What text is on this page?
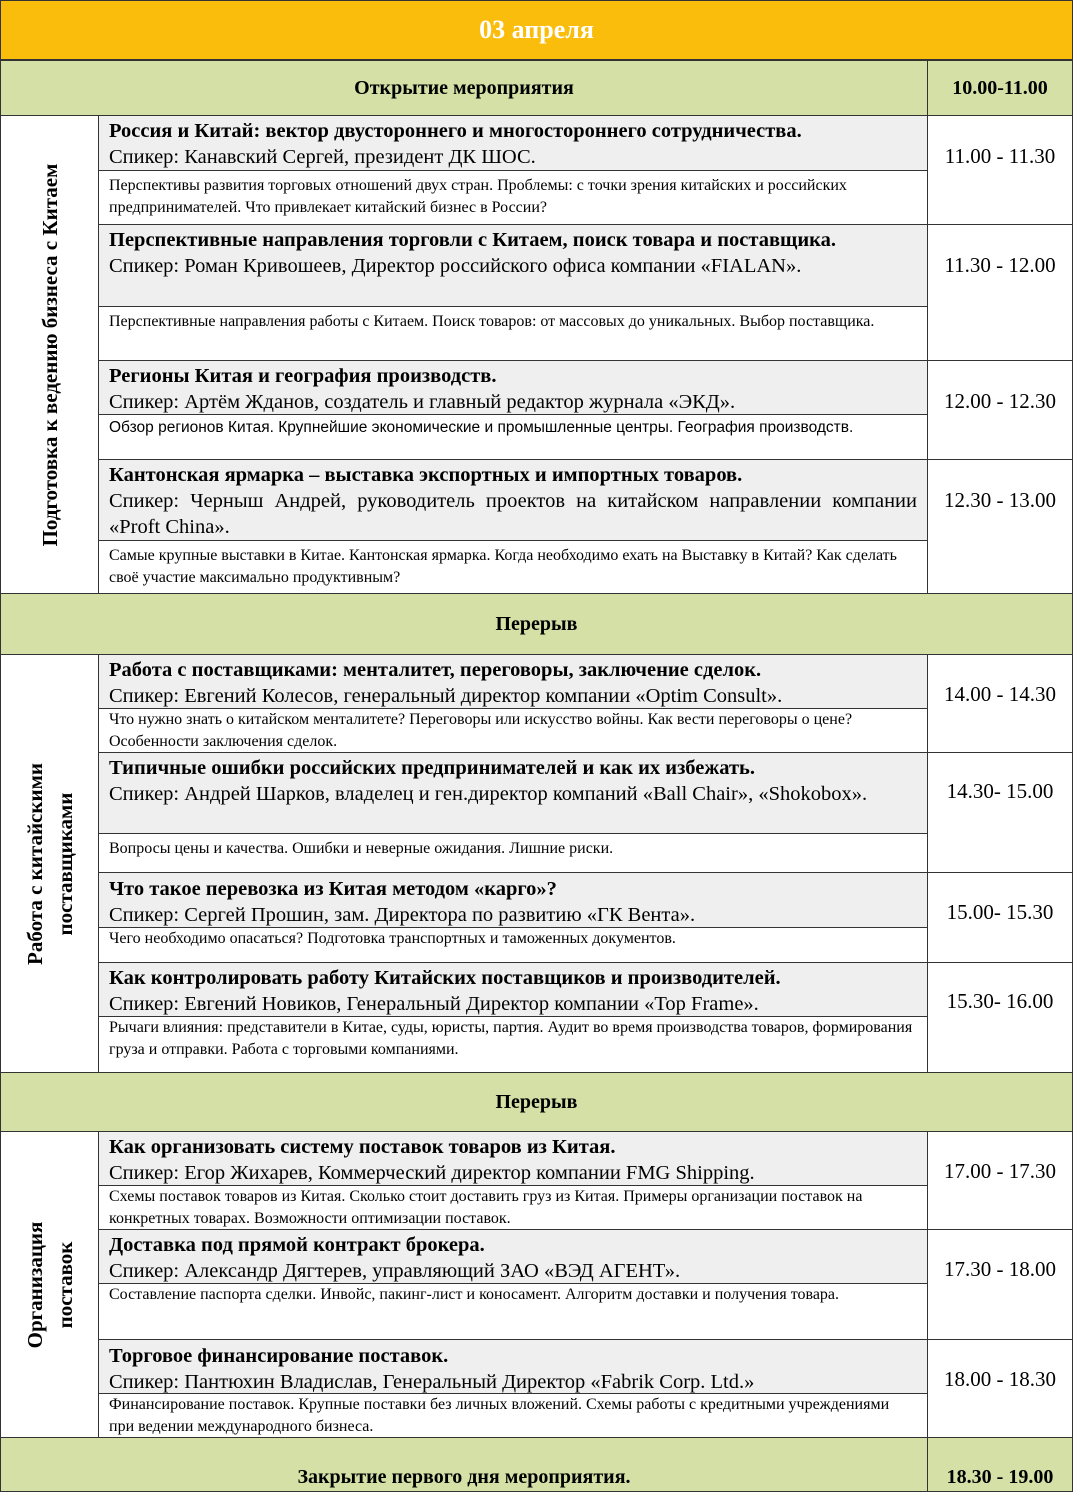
03 апреля
Открытие мероприятия	10.00-11.00
Подготовка к ведению бизнеса с Китаем
Россия и Китай: вектор двустороннего и многостороннего сотрудничества.
Спикер: Канавский Сергей, президент ДК ШОС.
Перспективы развития торговых отношений двух стран. Проблемы: с точки зрения китайских и российских предпринимателей. Что привлекает китайский бизнес в России?
11.00 - 11.30
Перспективные направления торговли с Китаем, поиск товара и поставщика.
Спикер: Роман Кривошеев, Директор российского офиса компании «FIALAN».
Перспективные направления работы с Китаем. Поиск товаров: от массовых до уникальных. Выбор поставщика.
11.30 - 12.00
Регионы Китая и география производств.
Спикер: Артём Жданов, создатель и главный редактор журнала «ЭКД».
Обзор регионов Китая. Крупнейшие экономические и промышленные центры. География производств.
12.00 - 12.30
Кантонская ярмарка – выставка экспортных и импортных товаров.
Спикер: Черныш Андрей, руководитель проектов на китайском направлении компании «Proft China».
Самые крупные выставки в Китае. Кантонская ярмарка. Когда необходимо ехать на Выставку в Китай? Как сделать своё участие максимально продуктивным?
12.30 - 13.00
Перерыв
Работа с китайскими поставщиками
Работа с поставщиками: менталитет, переговоры, заключение сделок.
Спикер: Евгений Колесов, генеральный директор компании «Optim Consult».
Что нужно знать о китайском менталитете? Переговоры или искусство войны. Как вести переговоры о цене? Особенности заключения сделок.
14.00 - 14.30
Типичные ошибки российских предпринимателей и как их избежать.
Спикер: Андрей Шарков, владелец и ген.директор компаний «Ball Chair», «Shokobox».
Вопросы цены и качества. Ошибки и неверные ожидания. Лишние риски.
14.30- 15.00
Что такое перевозка из Китая методом «карго»?
Спикер: Сергей Прошин, зам. Директора по развитию «ГК Вента».
Чего необходимо опасаться? Подготовка транспортных и таможенных документов.
15.00- 15.30
Как контролировать работу Китайских поставщиков и производителей.
Спикер: Евгений Новиков, Генеральный Директор компании «Top Frame».
Рычаги влияния: представители в Китае, суды, юристы, партия. Аудит во время производства товаров, формирования груза и отправки. Работа с торговыми компаниями.
15.30- 16.00
Перерыв
Организация поставок
Как организовать систему поставок товаров из Китая.
Спикер: Егор Жихарев, Коммерческий директор компании FMG Shipping.
Схемы поставок товаров из Китая. Сколько стоит доставить груз из Китая. Примеры организации поставок на конкретных товарах. Возможности оптимизации поставок.
17.00 - 17.30
Доставка под прямой контракт брокера.
Спикер: Александр Дягтерев, управляющий ЗАО «ВЭД АГЕНТ».
Составление паспорта сделки. Инвойс, пакинг-лист и коносамент. Алгоритм доставки и получения товара.
17.30 - 18.00
Торговое финансирование поставок.
Спикер: Пантюхин Владислав, Генеральный Директор «Fabrik Corp. Ltd.»
Финансирование поставок. Крупные поставки без личных вложений. Схемы работы с кредитными учреждениями при ведении международного бизнеса.
18.00 - 18.30
Закрытие первого дня мероприятия.	18.30 - 19.00
